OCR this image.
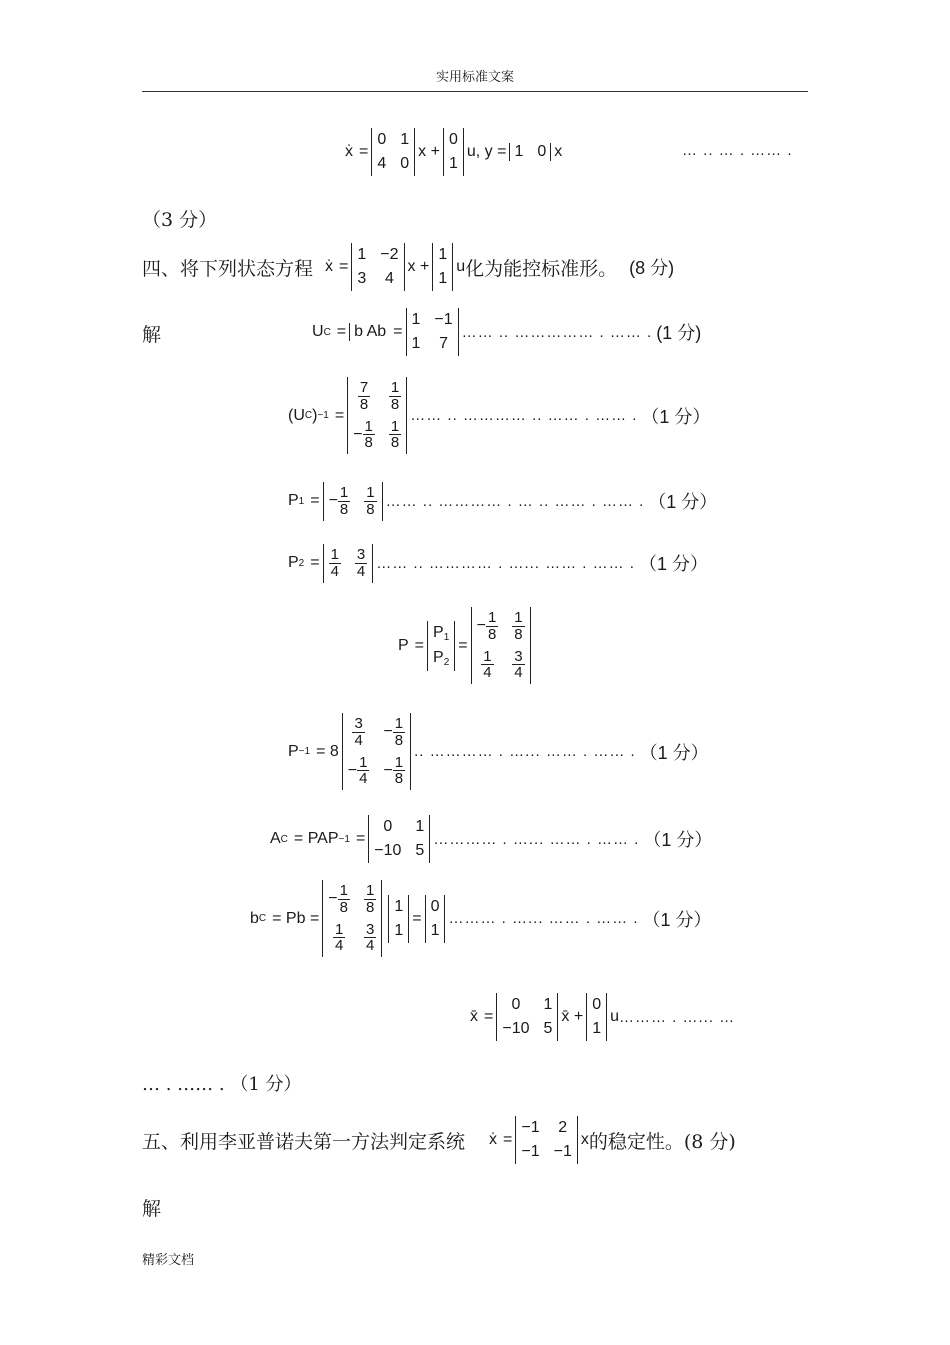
实用标准文案
ẋ =
0 1
4 0
x +
0
1
u, y = 1 0 x	… .. … . …… .
（3 分）
四、将下列状态方程 ẋ =
1 −2
3 4
x +
1
1
u 化为能控标准形。 (8 分)
解	U C = b Ab =
1 −1
1 7
…… .. …………… . …… . (1 分)
(U C ) −1 =
$\frac{7}{8} \frac{1}{8}$
− $\frac{1}{8} \frac{1}{8}$
…… .. ………… .. …… . …… . （1 分）
P 1 = − $\frac{1}{8} \frac{1}{8}$ …… .. ………… . … .. …… . …… . （1 分）
P $2 = \frac{1}{4} \frac{3}{4}$ …… .. ………… . …... …… . …… . （1 分）
P =
$P_1$
$P_2$
=
− $\frac{1}{8} \frac{1}{8}$
$\frac{1}{4} \frac{3}{4}$
P −1 = 8
$\frac{3}{4} - \frac{1}{8}$
− $\frac{1}{4} - \frac{1}{8}$
.. ………… . …... …… . …… . （1 分）
A C = PAP −1 =
0 1
−10 5
………… . …... …… . …… . （1 分）
b C = Pb =
− $\frac{1}{8} \frac{1}{8}$
$\frac{1}{4} \frac{3}{4}$
1
1
=
0
1
……… . …... …… . …… . （1 分）
x̄ =
0 1
−10 5
x̄ +
0
1
u ……… . …... …
… . …… . （1 分）
五、利用李亚普诺夫第一方法判定系统 ẋ =
−1 2
−1 −1
x 的稳定性。(8 分)
解
精彩文档
